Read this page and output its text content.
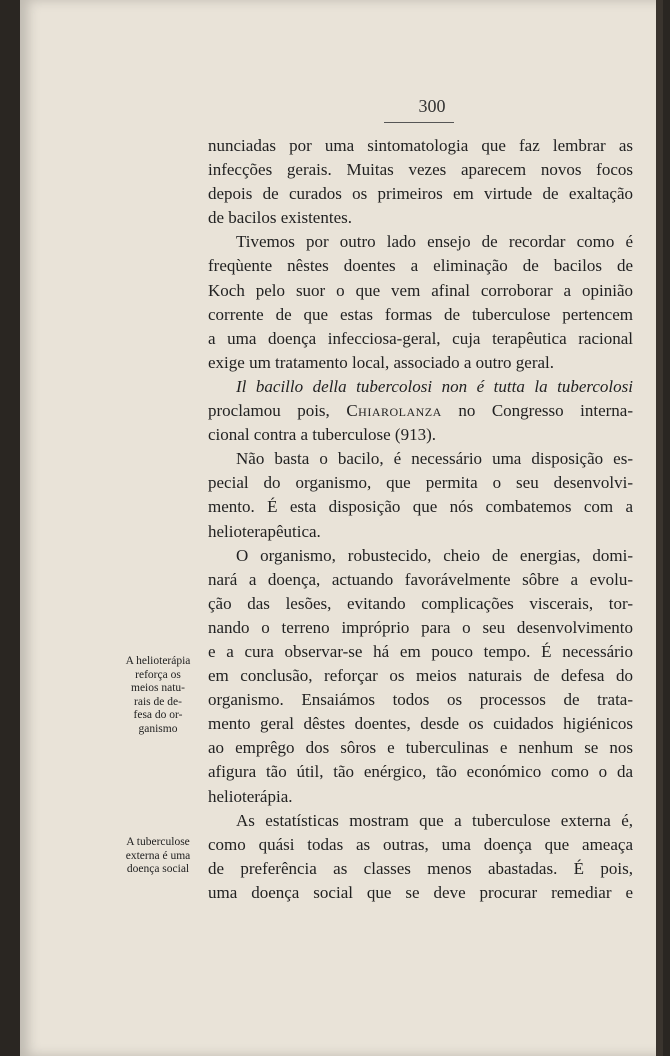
300
nunciadas por uma sintomatologia que faz lembrar as
infecções gerais. Muitas vezes aparecem novos focos
depois de curados os primeiros em virtude de exaltação
de bacilos existentes.
Tivemos por outro lado ensejo de recordar como é
freqùente nêstes doentes a eliminação de bacilos de
Koch pelo suor o que vem afinal corroborar a opinião
corrente de que estas formas de tuberculose pertencem
a uma doença infecciosa-geral, cuja terapêutica racional
exige um tratamento local, associado a outro geral.
Il bacillo della tubercolosi non é tutta la tubercolosi
proclamou pois, Chiarolanza no Congresso interna-
cional contra a tuberculose (913).
Não basta o bacilo, é necessário uma disposição es-
pecial do organismo, que permita o seu desenvolvi-
mento. É esta disposição que nós combatemos com a
helioterapêutica.
O organismo, robustecido, cheio de energias, domi-
nará a doença, actuando favorávelmente sôbre a evolu-
ção das lesões, evitando complicações viscerais, tor-
nando o terreno impróprio para o seu desenvolvimento
e a cura observar-se há em pouco tempo. É necessário
em conclusão, reforçar os meios naturais de defesa do
organismo. Ensaiámos todos os processos de trata-
mento geral dêstes doentes, desde os cuidados higiénicos
ao emprêgo dos sôros e tuberculinas e nenhum se nos
afigura tão útil, tão enérgico, tão económico como o da
helioterápia.
As estatísticas mostram que a tuberculose externa é,
como quási todas as outras, uma doença que ameaça
de preferência as classes menos abastadas. É pois,
uma doença social que se deve procurar remediar e
A helioterápia
reforça os
meios natu-
rais de de-
fesa do or-
ganismo
A tuberculose
externa é uma
doença social
